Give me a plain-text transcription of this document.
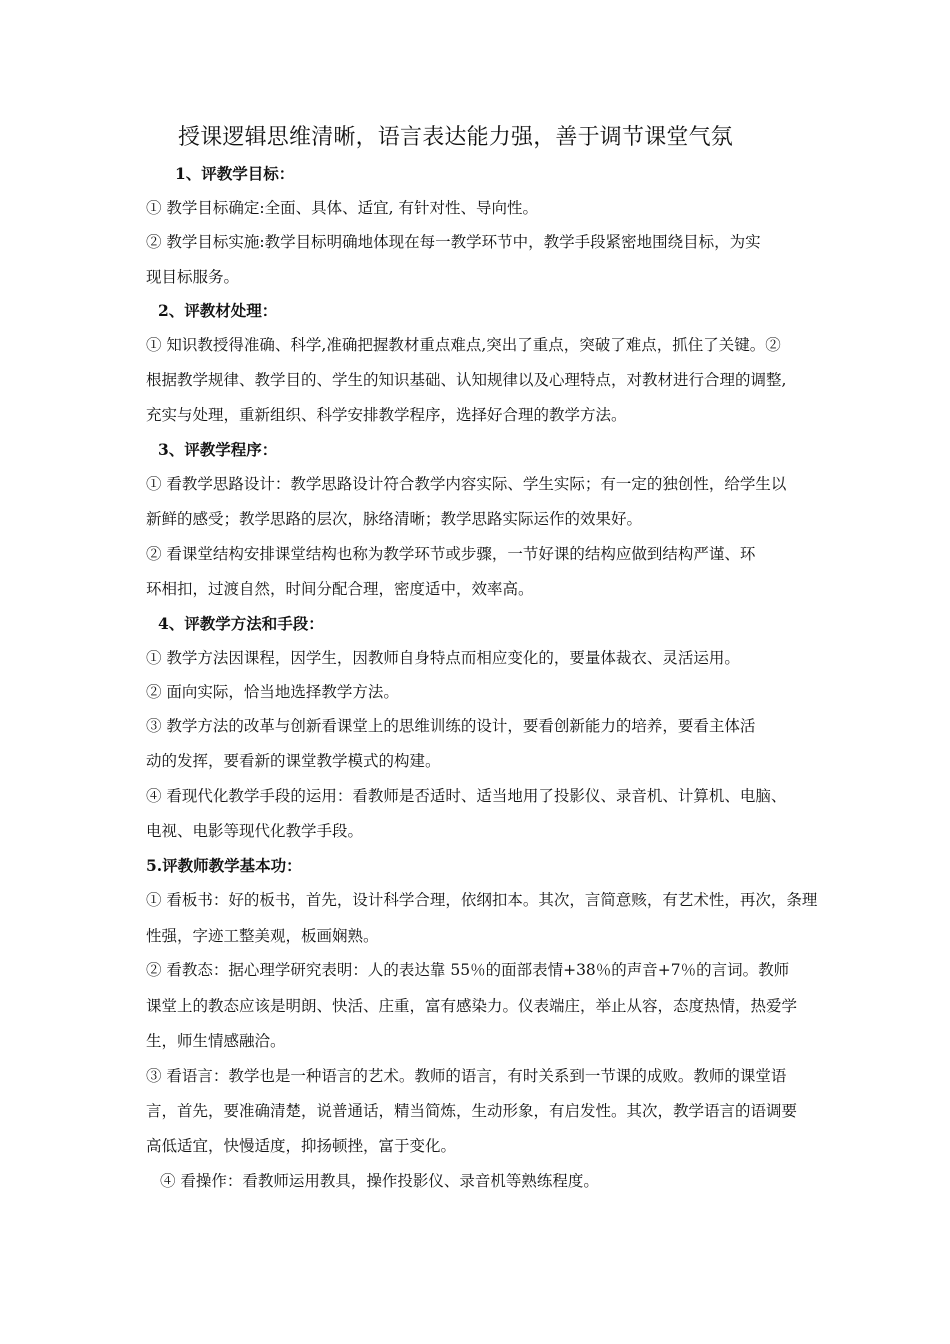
授课逻辑思维清晰，语言表达能力强，善于调节课堂气氛
1、评教学目标：
① 教学目标确定:全面、具体、适宜, 有针对性、导向性。
② 教学目标实施:教学目标明确地体现在每一教学环节中，教学手段紧密地围绕目标，为实
现目标服务。
2、评教材处理：
① 知识教授得准确、科学,准确把握教材重点难点,突出了重点，突破了难点，抓住了关键。②
根据教学规律、教学目的、学生的知识基础、认知规律以及心理特点，对教材进行合理的调整,
充实与处理，重新组织、科学安排教学程序，选择好合理的教学方法。
3、评教学程序：
① 看教学思路设计：教学思路设计符合教学内容实际、学生实际；有一定的独创性，给学生以
新鲜的感受；教学思路的层次，脉络清晰；教学思路实际运作的效果好。
② 看课堂结构安排课堂结构也称为教学环节或步骤，一节好课的结构应做到结构严谨、环
环相扣，过渡自然，时间分配合理，密度适中，效率高。
4、评教学方法和手段：
① 教学方法因课程，因学生，因教师自身特点而相应变化的，要量体裁衣、灵活运用。
② 面向实际，恰当地选择教学方法。
③ 教学方法的改革与创新看课堂上的思维训练的设计，要看创新能力的培养，要看主体活
动的发挥，要看新的课堂教学模式的构建。
④ 看现代化教学手段的运用：看教师是否适时、适当地用了投影仪、录音机、计算机、电脑、
电视、电影等现代化教学手段。
5.评教师教学基本功：
① 看板书：好的板书，首先，设计科学合理，依纲扣本。其次，言简意赅，有艺术性，再次，条理
性强，字迹工整美观，板画娴熟。
② 看教态：据心理学研究表明：人的表达靠 55％的面部表情+38％的声音+7％的言词。教师
课堂上的教态应该是明朗、快活、庄重，富有感染力。仪表端庄，举止从容，态度热情，热爱学
生，师生情感融洽。
③ 看语言：教学也是一种语言的艺术。教师的语言，有时关系到一节课的成败。教师的课堂语
言，首先，要准确清楚，说普通话，精当简炼，生动形象，有启发性。其次，教学语言的语调要
高低适宜，快慢适度，抑扬顿挫，富于变化。
④ 看操作：看教师运用教具，操作投影仪、录音机等熟练程度。
